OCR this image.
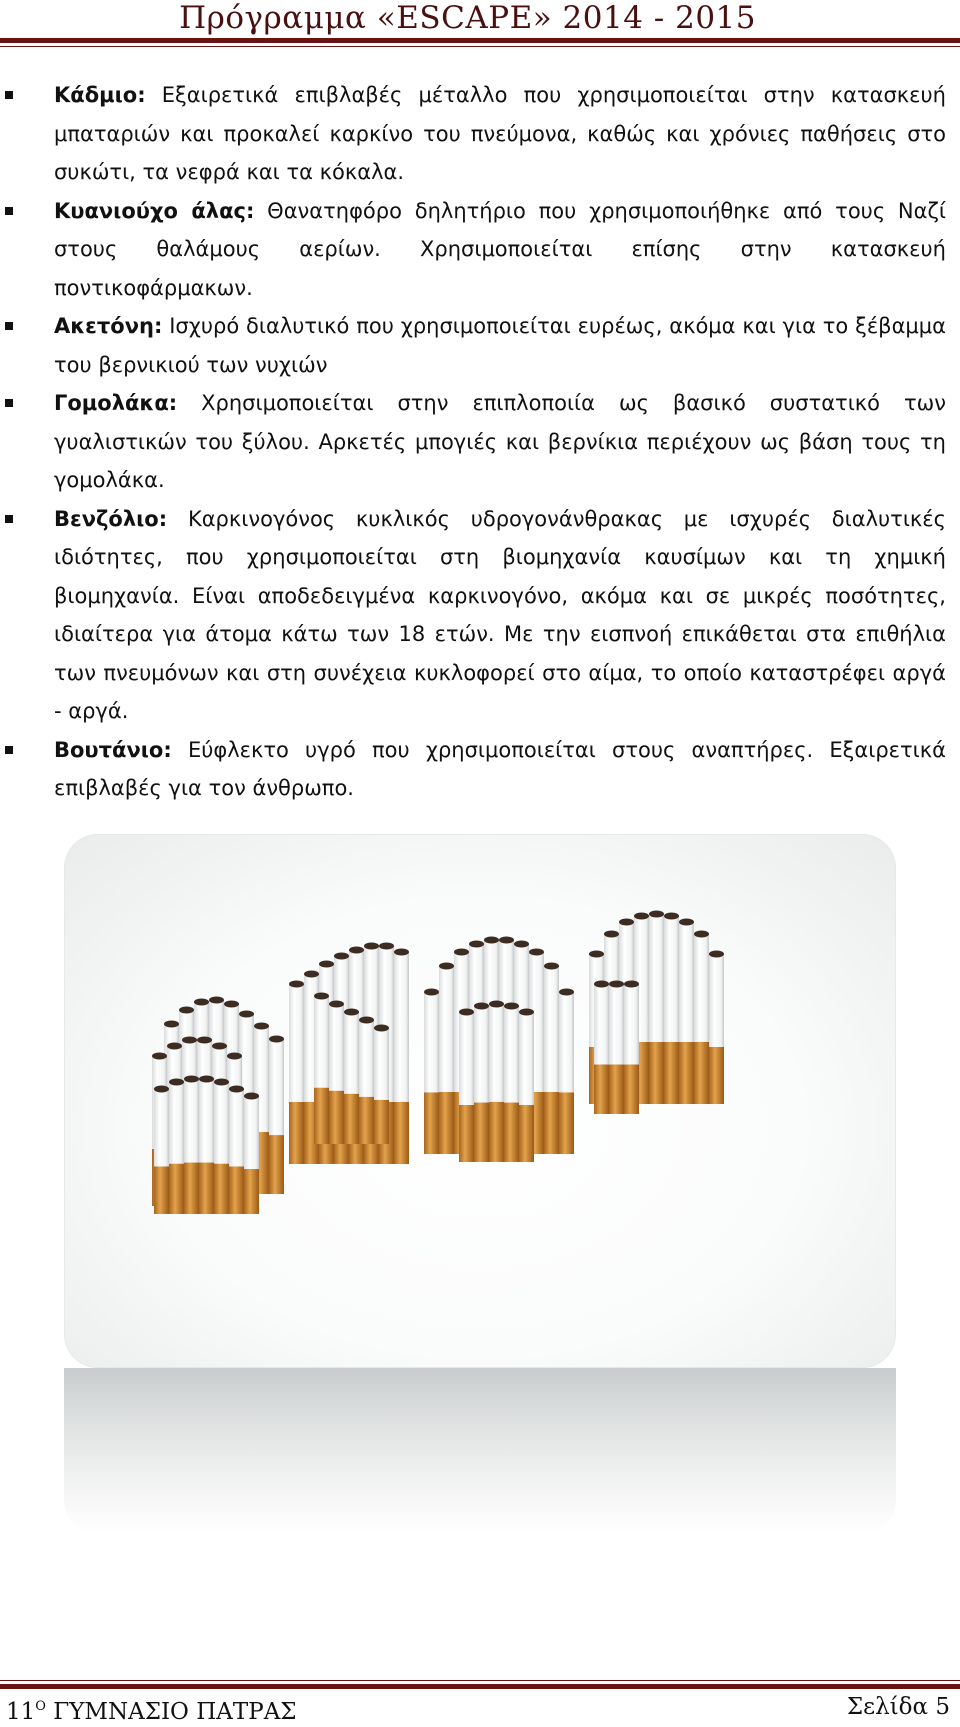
Πρόγραμμα «ESCAPE» 2014 - 2015
Κάδμιο: Εξαιρετικά επιβλαβές μέταλλο που χρησιμοποιείται στην κατασκευή μπαταριών και προκαλεί καρκίνο του πνεύμονα, καθώς και χρόνιες παθήσεις στο συκώτι, τα νεφρά και τα κόκαλα.
Κυανιούχο άλας: Θανατηφόρο δηλητήριο που χρησιμοποιήθηκε από τους Ναζί στους θαλάμους αερίων. Χρησιμοποιείται επίσης στην κατασκευή ποντικοφάρμακων.
Ακετόνη: Ισχυρό διαλυτικό που χρησιμοποιείται ευρέως, ακόμα και για το ξέβαμμα του βερνικιού των νυχιών
Γομολάκα: Χρησιμοποιείται στην επιπλοποιία ως βασικό συστατικό των γυαλιστικών του ξύλου. Αρκετές μπογιές και βερνίκια περιέχουν ως βάση τους τη γομολάκα.
Βενζόλιο: Καρκινογόνος κυκλικός υδρογονάνθρακας με ισχυρές διαλυτικές ιδιότητες, που χρησιμοποιείται στη βιομηχανία καυσίμων και τη χημική βιομηχανία. Είναι αποδεδειγμένα καρκινογόνο, ακόμα και σε μικρές ποσότητες, ιδιαίτερα για άτομα κάτω των 18 ετών. Με την εισπνοή επικάθεται στα επιθήλια των πνευμόνων και στη συνέχεια κυκλοφορεί στο αίμα, το οποίο καταστρέφει αργά - αργά.
Βουτάνιο: Εύφλεκτο υγρό που χρησιμοποιείται στους αναπτήρες. Εξαιρετικά επιβλαβές για τον άνθρωπο.
$11^O$ ΓΥΜΝΑΣΙΟ ΠΑΤΡΑΣ	Σελίδα 5
